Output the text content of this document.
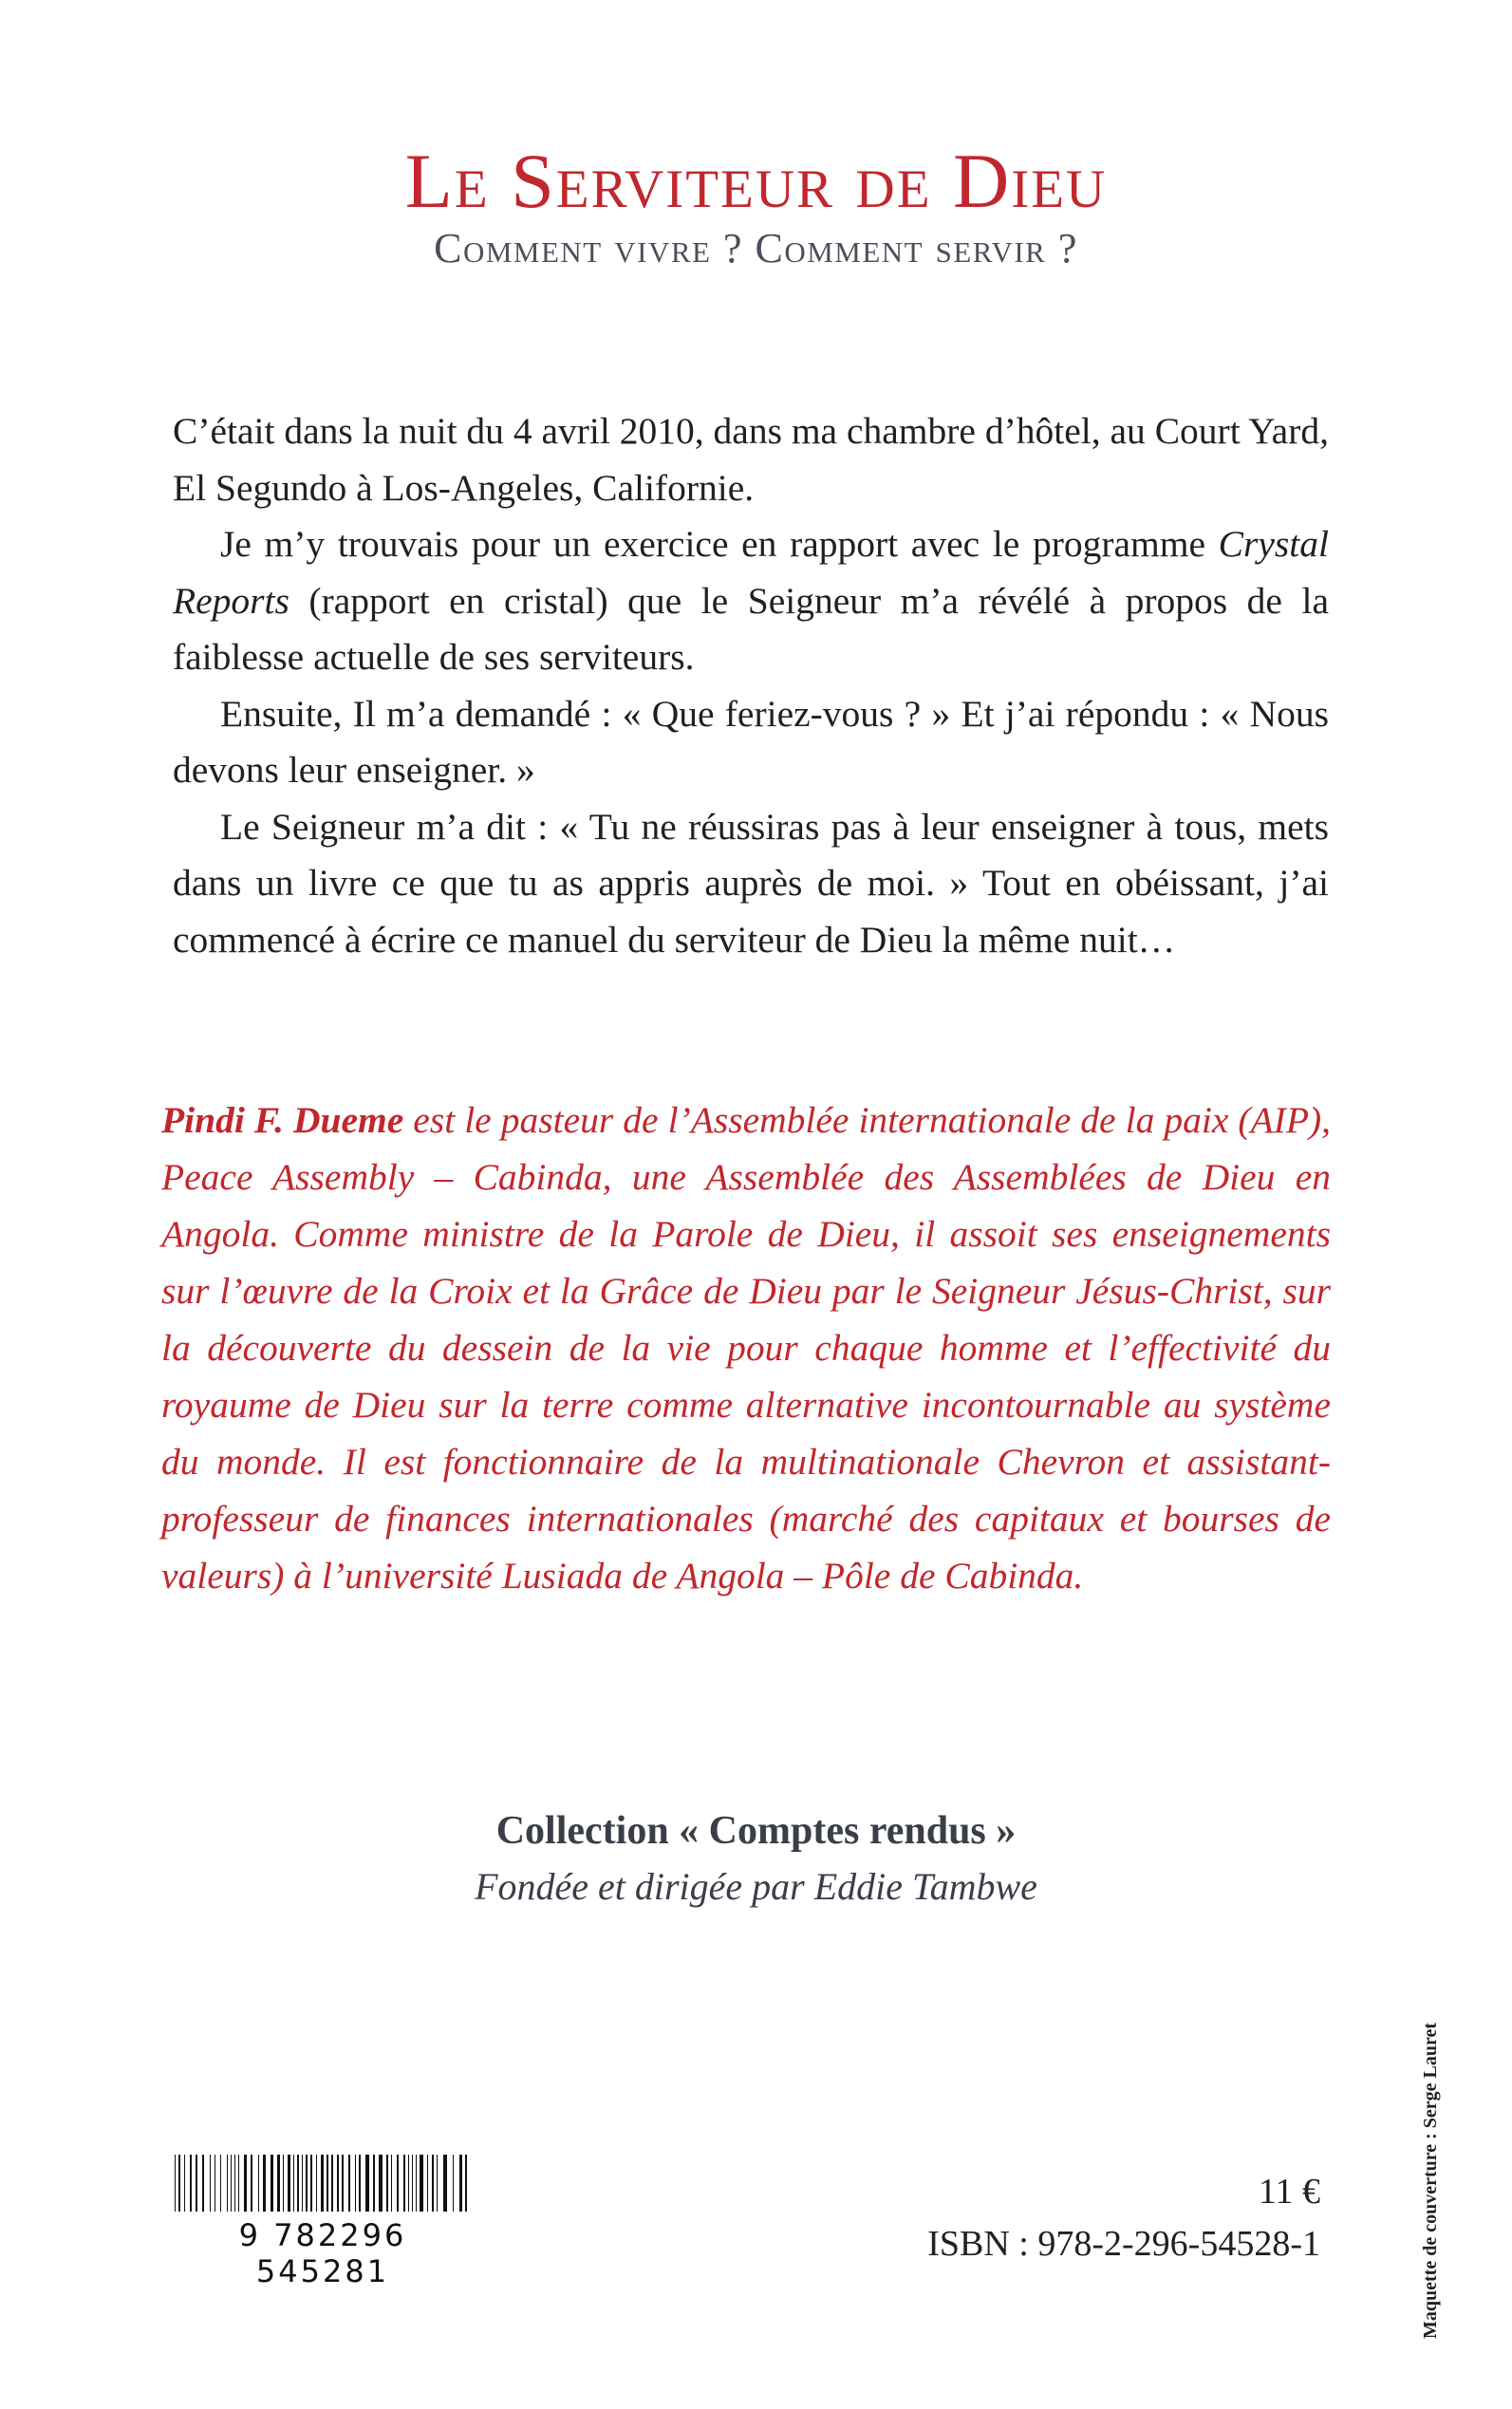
Le Serviteur de Dieu
Comment vivre ? Comment servir ?

C’était dans la nuit du 4 avril 2010, dans ma chambre d’hôtel, au Court Yard, El Segundo à Los-Angeles, Californie.

Je m’y trouvais pour un exercice en rapport avec le programme Crystal Reports (rapport en cristal) que le Seigneur m’a révélé à propos de la faiblesse actuelle de ses serviteurs.

Ensuite, Il m’a demandé : « Que feriez-vous ? » Et j’ai répondu : « Nous devons leur enseigner. »

Le Seigneur m’a dit : « Tu ne réussiras pas à leur enseigner à tous, mets dans un livre ce que tu as appris auprès de moi. » Tout en obéissant, j’ai commencé à écrire ce manuel du serviteur de Dieu la même nuit…

Pindi F. Dueme est le pasteur de l’Assemblée internationale de la paix (AIP), Peace Assembly – Cabinda, une Assemblée des Assemblées de Dieu en Angola. Comme ministre de la Parole de Dieu, il assoit ses enseignements sur l’œuvre de la Croix et la Grâce de Dieu par le Seigneur Jésus-Christ, sur la découverte du dessein de la vie pour chaque homme et l’effectivité du royaume de Dieu sur la terre comme alternative incontournable au système du monde. Il est fonctionnaire de la multinationale Chevron et assistant-professeur de finances internationales (marché des capitaux et bourses de valeurs) à l’université Lusiada de Angola – Pôle de Cabinda.
Collection « Comptes rendus »
Fondée et dirigée par Eddie Tambwe
9 782296 545281
11 €
ISBN : 978-2-296-54528-1	Maquette de couverture : Serge Lauret
